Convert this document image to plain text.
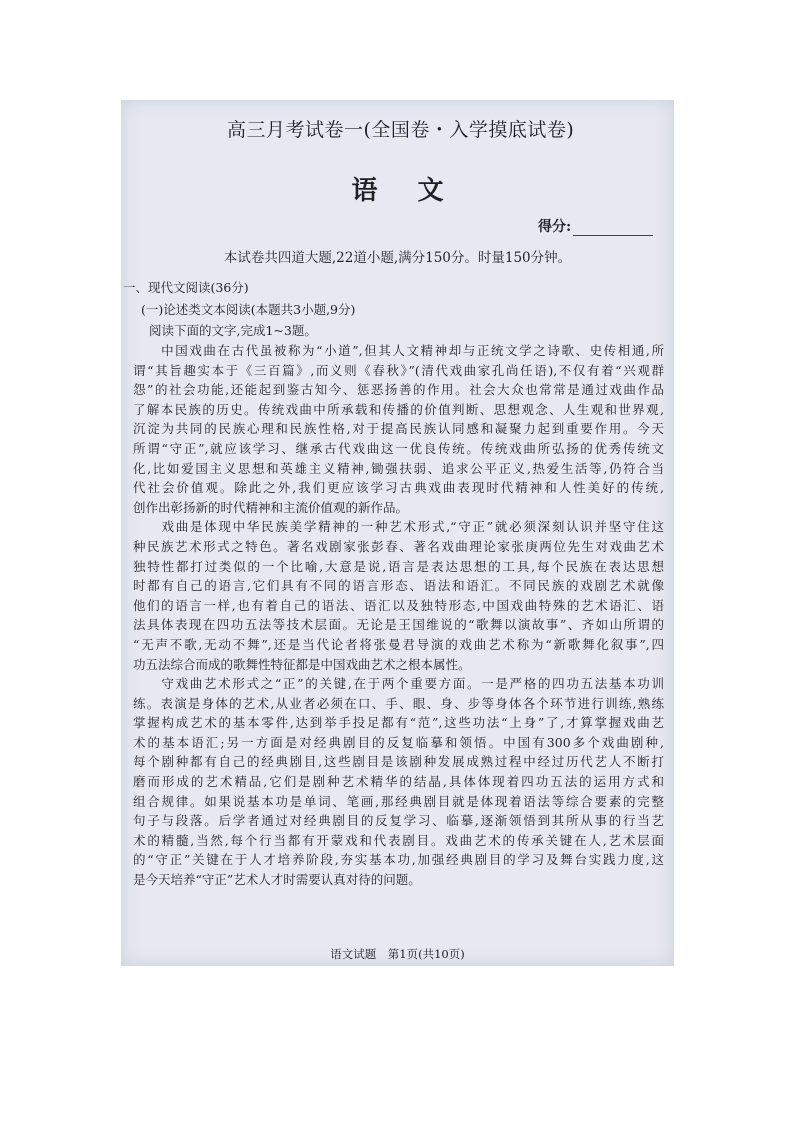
高三月考试卷一(全国卷・入学摸底试卷)
语文
得分:
本试卷共四道大题,22道小题,满分150分。时量150分钟。
一、现代文阅读(36分)
(一)论述类文本阅读(本题共3小题,9分)
阅读下面的文字,完成1~3题。
　　中国戏曲在古代虽被称为“小道”,但其人文精神却与正统文学之诗歌、史传相通,所
谓“其旨趣实本于《三百篇》,而义则《春秋》”(清代戏曲家孔尚任语),不仅有着“兴观群
怨”的社会功能,还能起到鉴古知今、惩恶扬善的作用。社会大众也常常是通过戏曲作品
了解本民族的历史。传统戏曲中所承载和传播的价值判断、思想观念、人生观和世界观,
沉淀为共同的民族心理和民族性格,对于提高民族认同感和凝聚力起到重要作用。今天
所谓“守正”,就应该学习、继承古代戏曲这一优良传统。传统戏曲所弘扬的优秀传统文
化,比如爱国主义思想和英雄主义精神,锄强扶弱、追求公平正义,热爱生活等,仍符合当
代社会价值观。除此之外,我们更应该学习古典戏曲表现时代精神和人性美好的传统,
创作出彰扬新的时代精神和主流价值观的新作品。
　　戏曲是体现中华民族美学精神的一种艺术形式,“守正”就必须深刻认识并坚守住这
种民族艺术形式之特色。著名戏剧家张彭春、著名戏曲理论家张庚两位先生对戏曲艺术
独特性都打过类似的一个比喻,大意是说,语言是表达思想的工具,每个民族在表达思想
时都有自己的语言,它们具有不同的语言形态、语法和语汇。不同民族的戏剧艺术就像
他们的语言一样,也有着自己的语法、语汇以及独特形态,中国戏曲特殊的艺术语汇、语
法具体表现在四功五法等技术层面。无论是王国维说的“歌舞以演故事”、齐如山所谓的
“无声不歌,无动不舞”,还是当代论者将张曼君导演的戏曲艺术称为“新歌舞化叙事”,四
功五法综合而成的歌舞性特征都是中国戏曲艺术之根本属性。
　　守戏曲艺术形式之“正”的关键,在于两个重要方面。一是严格的四功五法基本功训
练。表演是身体的艺术,从业者必须在口、手、眼、身、步等身体各个环节进行训练,熟练
掌握构成艺术的基本零件,达到举手投足都有“范”,这些功法“上身”了,才算掌握戏曲艺
术的基本语汇;另一方面是对经典剧目的反复临摹和领悟。中国有300多个戏曲剧种,
每个剧种都有自己的经典剧目,这些剧目是该剧种发展成熟过程中经过历代艺人不断打
磨而形成的艺术精品,它们是剧种艺术精华的结晶,具体体现着四功五法的运用方式和
组合规律。如果说基本功是单词、笔画,那经典剧目就是体现着语法等综合要素的完整
句子与段落。后学者通过对经典剧目的反复学习、临摹,逐渐领悟到其所从事的行当艺
术的精髓,当然,每个行当都有开蒙戏和代表剧目。戏曲艺术的传承关键在人,艺术层面
的“守正”关键在于人才培养阶段,夯实基本功,加强经典剧目的学习及舞台实践力度,这
是今天培养“守正”艺术人才时需要认真对待的问题。
语文试题　第1页(共10页)
